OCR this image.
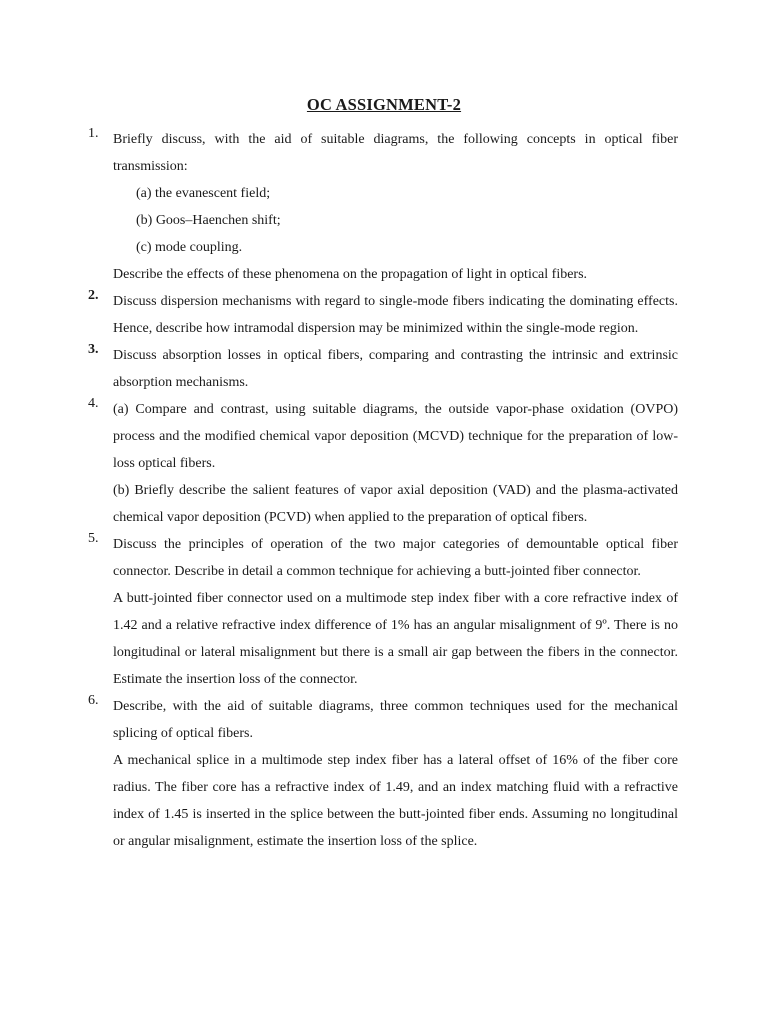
OC ASSIGNMENT-2
1. Briefly discuss, with the aid of suitable diagrams, the following concepts in optical fiber transmission:

(a) the evanescent field;
(b) Goos–Haenchen shift;
(c) mode coupling.

Describe the effects of these phenomena on the propagation of light in optical fibers.

2. Discuss dispersion mechanisms with regard to single-mode fibers indicating the dominating effects. Hence, describe how intramodal dispersion may be minimized within the single-mode region.

3. Discuss absorption losses in optical fibers, comparing and contrasting the intrinsic and extrinsic absorption mechanisms.

4. (a) Compare and contrast, using suitable diagrams, the outside vapor-phase oxidation (OVPO) process and the modified chemical vapor deposition (MCVD) technique for the preparation of low-loss optical fibers.

(b) Briefly describe the salient features of vapor axial deposition (VAD) and the plasma-activated chemical vapor deposition (PCVD) when applied to the preparation of optical fibers.

5. Discuss the principles of operation of the two major categories of demountable optical fiber connector. Describe in detail a common technique for achieving a butt-jointed fiber connector.

A butt-jointed fiber connector used on a multimode step index fiber with a core refractive index of 1.42 and a relative refractive index difference of 1% has an angular misalignment of 9º. There is no longitudinal or lateral misalignment but there is a small air gap between the fibers in the connector. Estimate the insertion loss of the connector.

6. Describe, with the aid of suitable diagrams, three common techniques used for the mechanical splicing of optical fibers.

A mechanical splice in a multimode step index fiber has a lateral offset of 16% of the fiber core radius. The fiber core has a refractive index of 1.49, and an index matching fluid with a refractive index of 1.45 is inserted in the splice between the butt-jointed fiber ends. Assuming no longitudinal or angular misalignment, estimate the insertion loss of the splice.
